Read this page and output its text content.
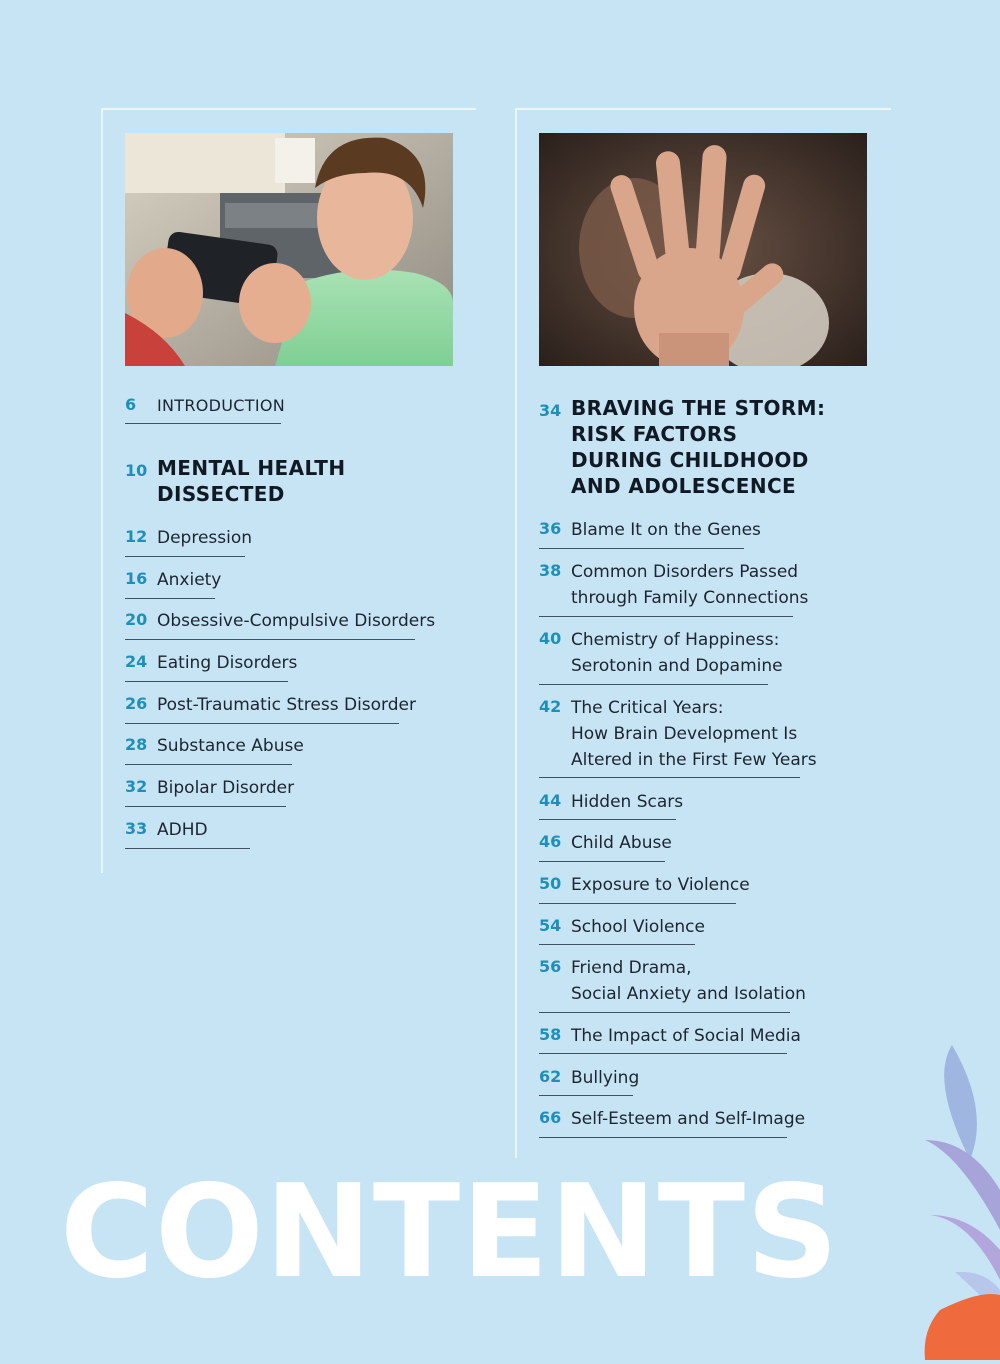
6 INTRODUCTION
10 MENTAL HEALTH
DISSECTED
12 Depression
16 Anxiety
20 Obsessive-Compulsive Disorders
24 Eating Disorders
26 Post-Traumatic Stress Disorder
28 Substance Abuse
32 Bipolar Disorder
33 ADHD
34 BRAVING THE STORM:
RISK FACTORS
DURING CHILDHOOD
AND ADOLESCENCE
36 Blame It on the Genes
38 Common Disorders Passed
through Family Connections
40 Chemistry of Happiness:
Serotonin and Dopamine
42 The Critical Years:
How Brain Development Is
Altered in the First Few Years
44 Hidden Scars
46 Child Abuse
50 Exposure to Violence
54 School Violence
56 Friend Drama,
Social Anxiety and Isolation
58 The Impact of Social Media
62 Bullying
66 Self-Esteem and Self-Image
CONTENTS
